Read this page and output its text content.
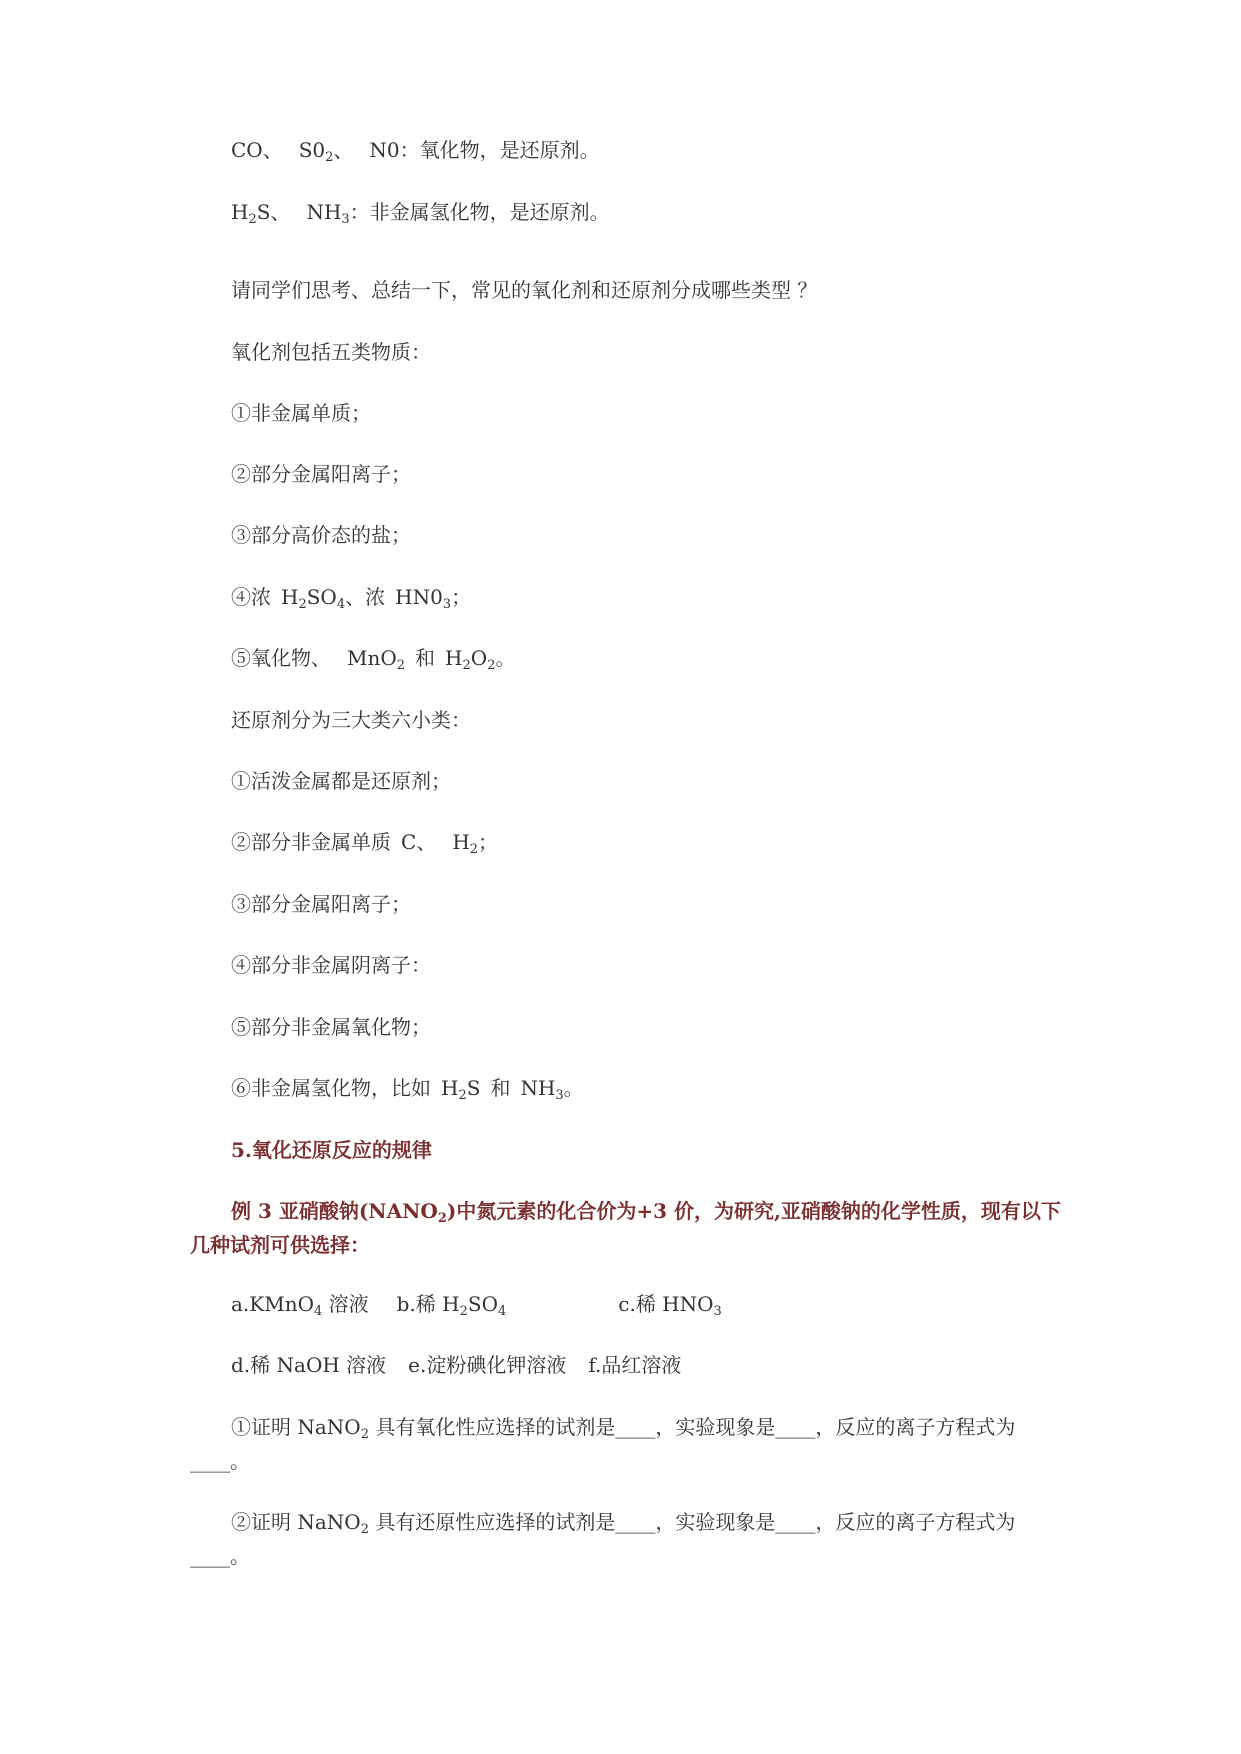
CO、 $S0_2$、 N0：氧化物，是还原剂。
$H_2S$、 $NH_3$：非金属氢化物，是还原剂。
请同学们思考、总结一下，常见的氧化剂和还原剂分成哪些类型 ？
氧化剂包括五类物质：
①非金属单质；
②部分金属阳离子；
③部分高价态的盐；
④浓 $H_2SO_4$、浓 $HN0_3$；
⑤氧化物、 MnO$_2$ 和 $H_2O_2$。
还原剂分为三大类六小类：
①活泼金属都是还原剂；
②部分非金属单质 C、 $H_2$；
③部分金属阳离子；
④部分非金属阴离子：
⑤部分非金属氧化物；
⑥非金属氢化物，比如 $H_2S$ 和 $NH_3$。
5.氧化还原反应的规律
例 3 亚硝酸钠$(NANO_2)$中氮元素的化合价为+3 价，为研究,亚硝酸钠的化学性质，现有以下几种试剂可供选择：
a.KMnO$_4$ 溶液 b.稀 $H_2SO_4$	c.稀 $HNO_3$
d.稀 NaOH 溶液 e.淀粉碘化钾溶液 f.品红溶液
①证明 NaNO$_2$ 具有氧化性应选择的试剂是____，实验现象是____，反应的离子方程式为____。
②证明 NaNO$_2$ 具有还原性应选择的试剂是____，实验现象是____，反应的离子方程式为____。
